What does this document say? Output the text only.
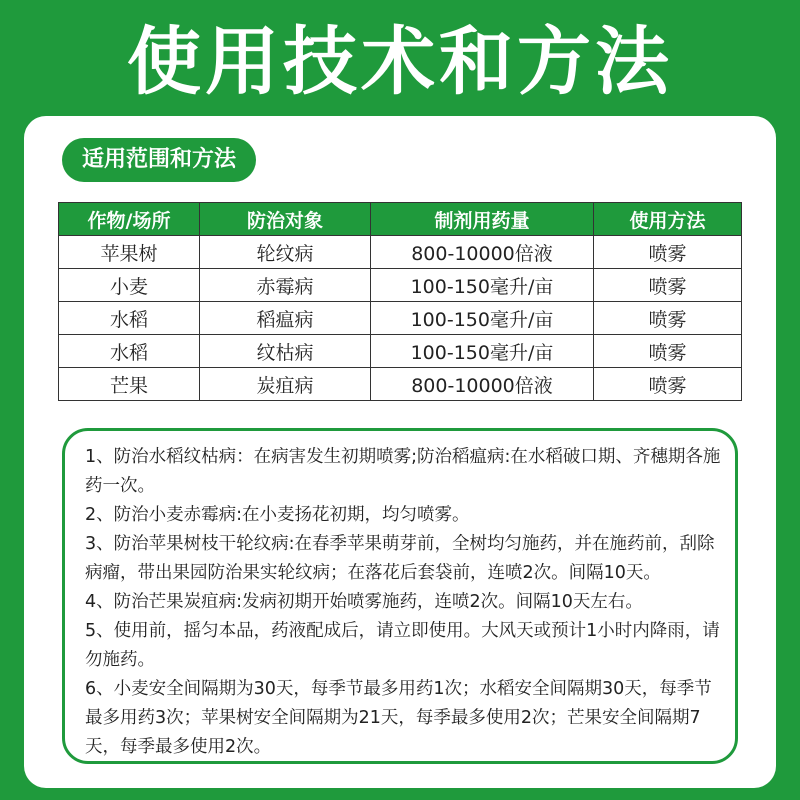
使用技术和方法
适用范围和方法
作物/场所	防治对象	制剂用药量	使用方法
苹果树	轮纹病	800-10000倍液	喷雾
小麦	赤霉病	100-150毫升/亩	喷雾
水稻	稻瘟病	100-150毫升/亩	喷雾
水稻	纹枯病	100-150毫升/亩	喷雾
芒果	炭疽病	800-10000倍液	喷雾

1、防治水稻纹枯病：在病害发生初期喷雾;防治稻瘟病:在水稻破口期、齐穗期各施药一次。

2、防治小麦赤霉病:在小麦扬花初期，均匀喷雾。

3、防治苹果树枝干轮纹病:在春季苹果萌芽前，全树均匀施药，并在施药前，刮除病瘤，带出果园防治果实轮纹病；在落花后套袋前，连喷2次。间隔10天。

4、防治芒果炭疽病:发病初期开始喷雾施药，连喷2次。间隔10天左右。

5、使用前，摇匀本品，药液配成后，请立即使用。大风天或预计1小时内降雨，请勿施药。

6、小麦安全间隔期为30天，每季节最多用药1次；水稻安全间隔期30天，每季节最多用药3次；苹果树安全间隔期为21天，每季最多使用2次；芒果安全间隔期7天，每季最多使用2次。
